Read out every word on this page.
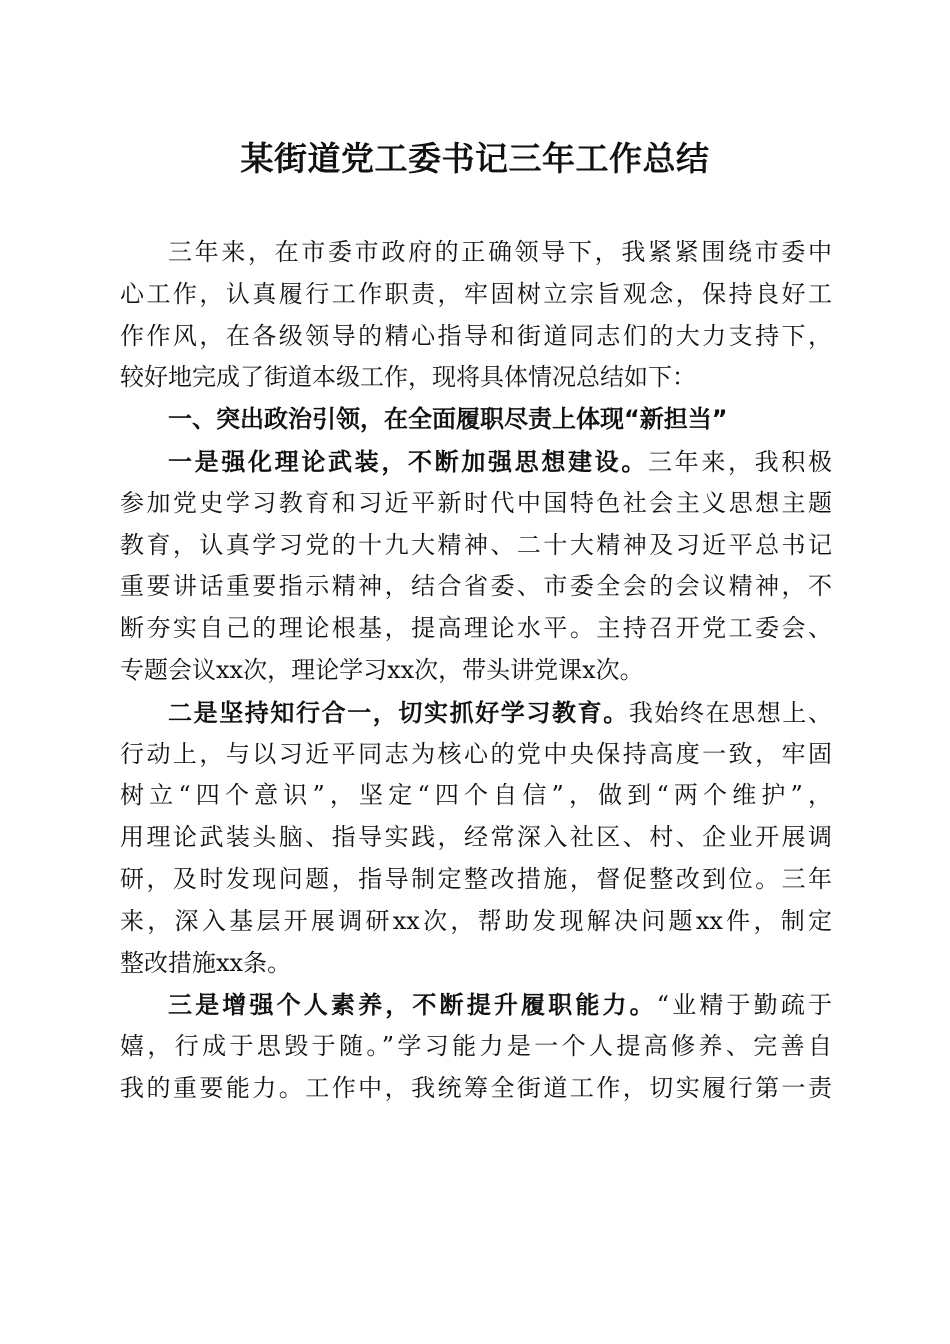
某街道党工委书记三年工作总结
三年来，在市委市政府的正确领导下，我紧紧围绕市委中
心工作，认真履行工作职责，牢固树立宗旨观念，保持良好工
作作风，在各级领导的精心指导和街道同志们的大力支持下，
较好地完成了街道本级工作，现将具体情况总结如下：
一、突出政治引领，在全面履职尽责上体现“新担当”
一是强化理论武装，不断加强思想建设。三年来，我积极
参加党史学习教育和习近平新时代中国特色社会主义思想主题
教育，认真学习党的十九大精神、二十大精神及习近平总书记
重要讲话重要指示精神，结合省委、市委全会的会议精神，不
断夯实自己的理论根基，提高理论水平。主持召开党工委会、
专题会议xx次，理论学习xx次，带头讲党课x次。
二是坚持知行合一，切实抓好学习教育。我始终在思想上、
行动上，与以习近平同志为核心的党中央保持高度一致，牢固
树立“四个意识”，坚定“四个自信”，做到“两个维护”，
用理论武装头脑、指导实践，经常深入社区、村、企业开展调
研，及时发现问题，指导制定整改措施，督促整改到位。三年
来，深入基层开展调研xx次，帮助发现解决问题xx件，制定
整改措施xx条。
三是增强个人素养，不断提升履职能力。“业精于勤疏于
嬉，行成于思毁于随。”学习能力是一个人提高修养、完善自
我的重要能力。工作中，我统筹全街道工作，切实履行第一责
